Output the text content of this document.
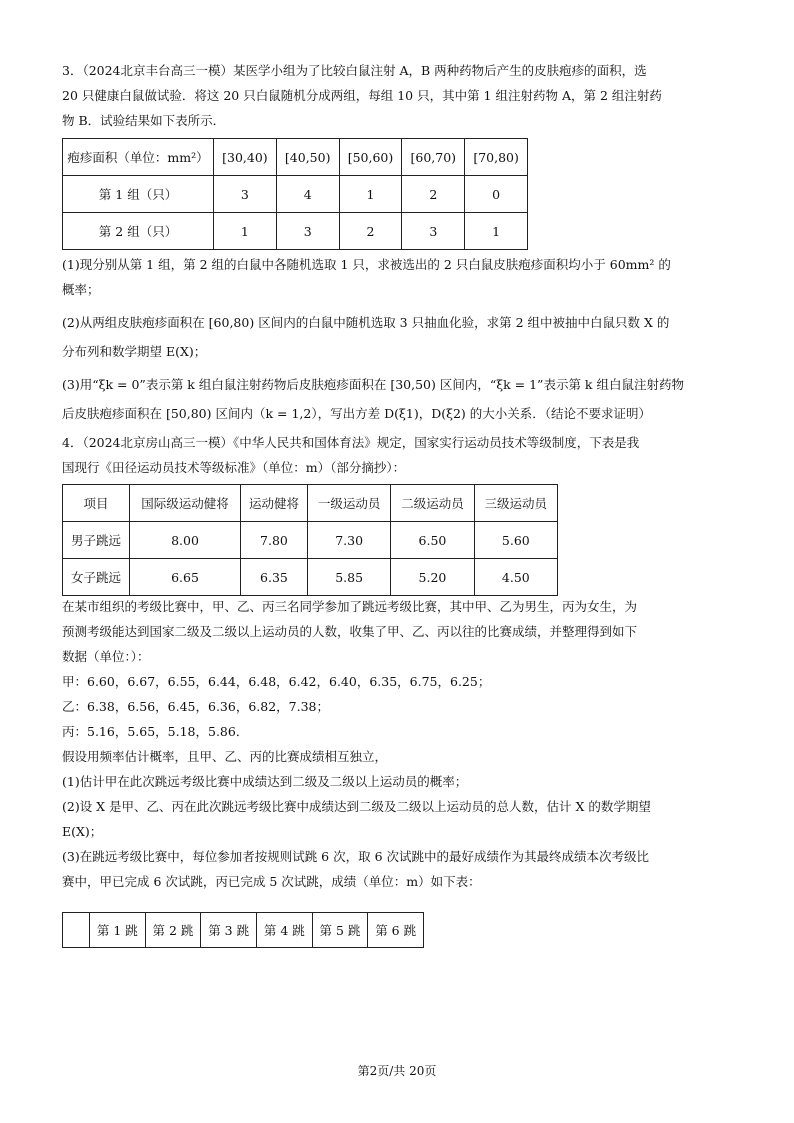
3．（2024北京丰台高三一模）某医学小组为了比较白鼠注射 A，B 两种药物后产生的皮肤疱疹的面积，选

20 只健康白鼠做试验．将这 20 只白鼠随机分成两组，每组 10 只，其中第 1 组注射药物 A，第 2 组注射药

物 B．试验结果如下表所示．

疱疹面积（单位：mm²）	[30,40)	[40,50)	[50,60)	[60,70)	[70,80)
第 1 组（只）	3	4	1	2	0
第 2 组（只）	1	3	2	3	1

(1)现分别从第 1 组，第 2 组的白鼠中各随机选取 1 只，求被选出的 2 只白鼠皮肤疱疹面积均小于 60mm² 的

概率；

(2)从两组皮肤疱疹面积在 [60,80) 区间内的白鼠中随机选取 3 只抽血化验，求第 2 组中被抽中白鼠只数 X 的

分布列和数学期望 E(X)；

(3)用“ξk = 0”表示第 k 组白鼠注射药物后皮肤疱疹面积在 [30,50) 区间内，“ξk = 1”表示第 k 组白鼠注射药物

后皮肤疱疹面积在 [50,80) 区间内（k = 1,2），写出方差 D(ξ1)，D(ξ2) 的大小关系．（结论不要求证明）

4．（2024北京房山高三一模）《中华人民共和国体育法》规定，国家实行运动员技术等级制度，下表是我

国现行《田径运动员技术等级标准》（单位：m）（部分摘抄）：

项目	国际级运动健将	运动健将	一级运动员	二级运动员	三级运动员
男子跳远	8.00	7.80	7.30	6.50	5.60
女子跳远	6.65	6.35	5.85	5.20	4.50

在某市组织的考级比赛中，甲、乙、丙三名同学参加了跳远考级比赛，其中甲、乙为男生，丙为女生，为

预测考级能达到国家二级及二级以上运动员的人数，收集了甲、乙、丙以往的比赛成绩，并整理得到如下

数据（单位：）：

甲：6.60，6.67，6.55，6.44，6.48，6.42，6.40，6.35，6.75，6.25；

乙：6.38，6.56，6.45，6.36，6.82，7.38；

丙：5.16，5.65，5.18，5.86．

假设用频率估计概率，且甲、乙、丙的比赛成绩相互独立，

(1)估计甲在此次跳远考级比赛中成绩达到二级及二级以上运动员的概率；

(2)设 X 是甲、乙、丙在此次跳远考级比赛中成绩达到二级及二级以上运动员的总人数，估计 X 的数学期望

E(X)；

(3)在跳远考级比赛中，每位参加者按规则试跳 6 次，取 6 次试跳中的最好成绩作为其最终成绩本次考级比

赛中，甲已完成 6 次试跳，丙已完成 5 次试跳，成绩（单位：m）如下表：

	第 1 跳	第 2 跳	第 3 跳	第 4 跳	第 5 跳	第 6 跳
第2页/共 20页
